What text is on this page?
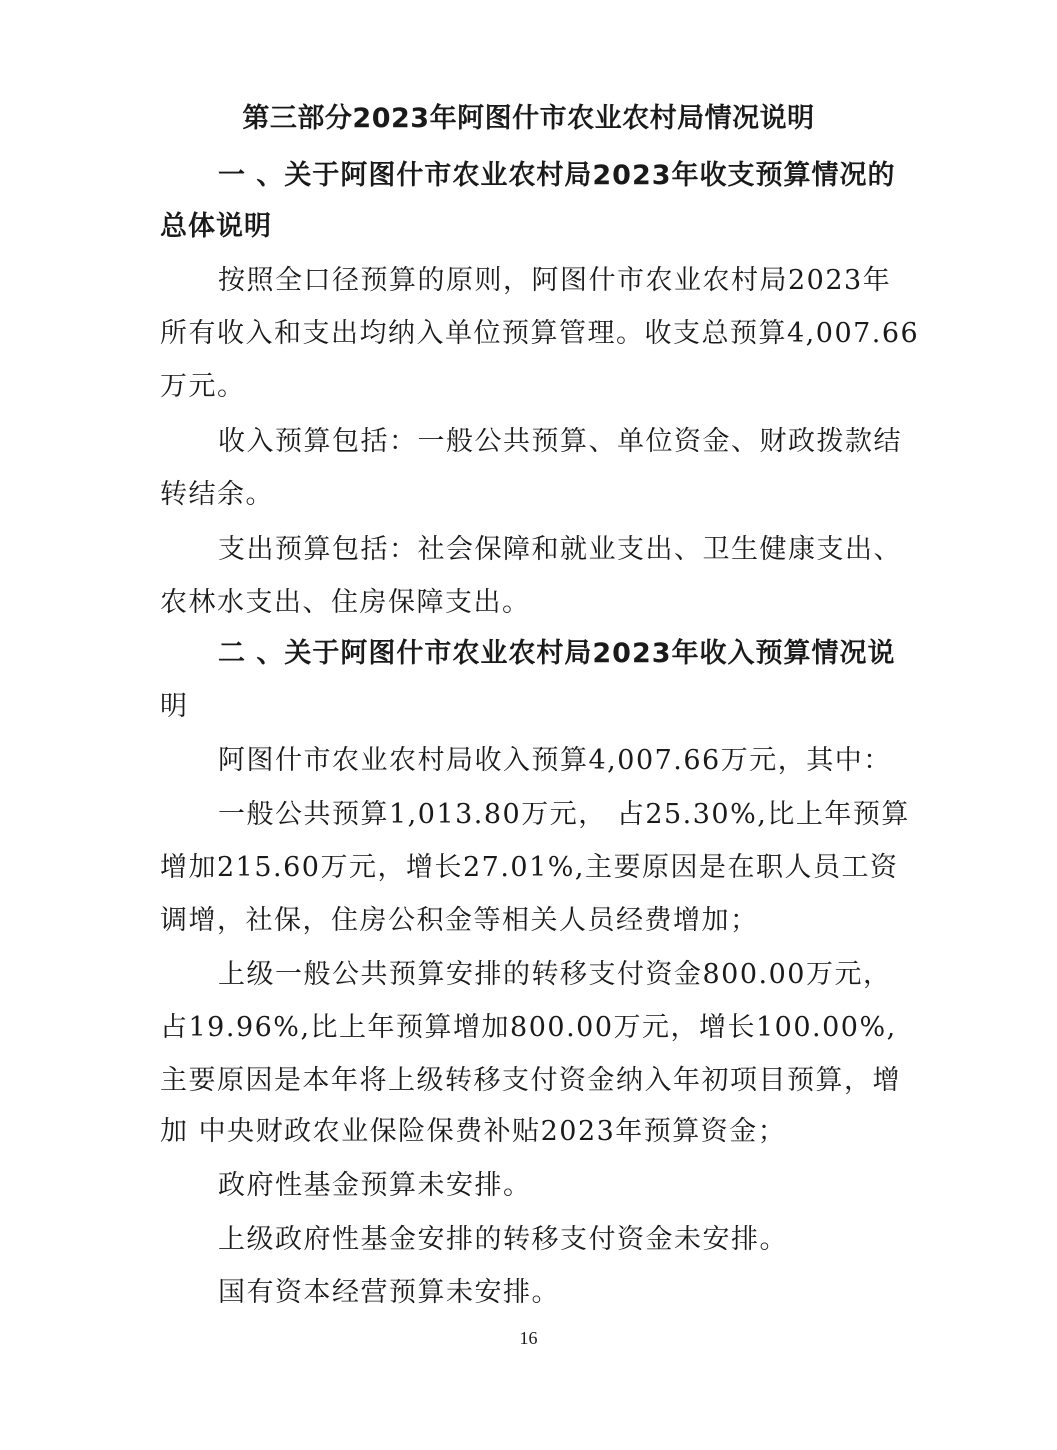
第三部分2023年阿图什市农业农村局情况说明
一 、关于阿图什市农业农村局2023年收支预算情况的
总体说明
按照全口径预算的原则，阿图什市农业农村局2023年
所有收入和支出均纳入单位预算管理。收支总预算4,007.66
万元。
收入预算包括：一般公共预算、单位资金、财政拨款结
转结余。
支出预算包括：社会保障和就业支出、卫生健康支出、
农林水支出、住房保障支出。
二 、关于阿图什市农业农村局2023年收入预算情况说
明
阿图什市农业农村局收入预算4,007.66万元，其中：
一般公共预算1,013.80万元， 占25.30%,比上年预算
增加215.60万元，增长27.01%,主要原因是在职人员工资
调增，社保，住房公积金等相关人员经费增加；
上级一般公共预算安排的转移支付资金800.00万元，
占19.96%,比上年预算增加800.00万元，增长100.00%,
主要原因是本年将上级转移支付资金纳入年初项目预算，增
加 中央财政农业保险保费补贴2023年预算资金；
政府性基金预算未安排。
上级政府性基金安排的转移支付资金未安排。
国有资本经营预算未安排。
16
